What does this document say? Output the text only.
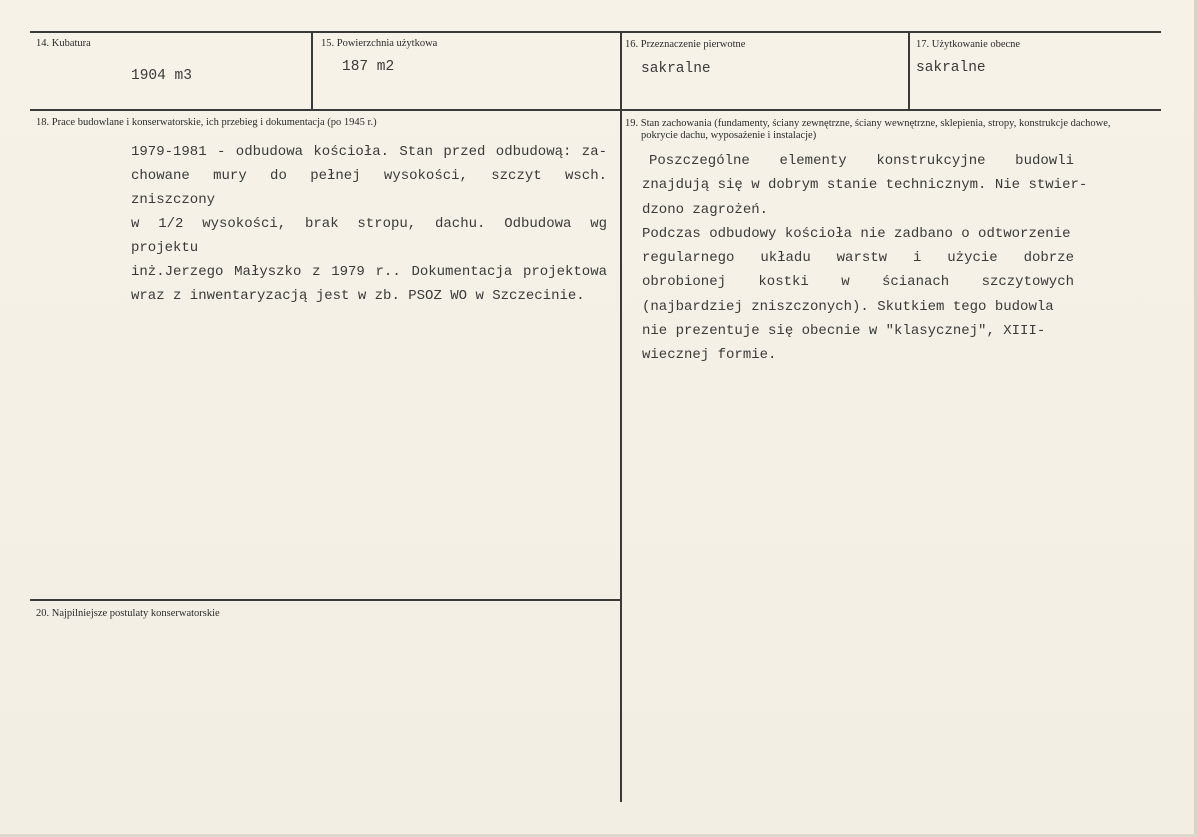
14. Kubatura
1904 m3
15. Powierzchnia użytkowa
187 m2
16. Przeznaczenie pierwotne
sakralne
17. Użytkowanie obecne
sakralne
18. Prace budowlane i konserwatorskie, ich przebieg i dokumentacja (po 1945 r.)
1979-1981 - odbudowa kościoła. Stan przed odbudową: za-
chowane mury do pełnej wysokości, szczyt wsch. zniszczony
w 1/2 wysokości, brak stropu, dachu. Odbudowa wg projektu
inż.Jerzego Małyszko z 1979 r.. Dokumentacja projektowa
wraz z inwentaryzacją jest w zb. PSOZ WO w Szczecinie.
19. Stan zachowania (fundamenty, ściany zewnętrzne, ściany wewnętrzne, sklepienia, stropy, konstrukcje dachowe,
pokrycie dachu, wyposażenie i instalacje)
Poszczególne elementy konstrukcyjne budowli
znajdują się w dobrym stanie technicznym. Nie stwier-
dzono zagrożeń.
Podczas odbudowy kościoła nie zadbano o odtworzenie
regularnego układu warstw i użycie dobrze
obrobionej kostki w ścianach szczytowych
(najbardziej zniszczonych). Skutkiem tego budowla
nie prezentuje się obecnie w "klasycznej", XIII-
wiecznej formie.
20. Najpilniejsze postulaty konserwatorskie
